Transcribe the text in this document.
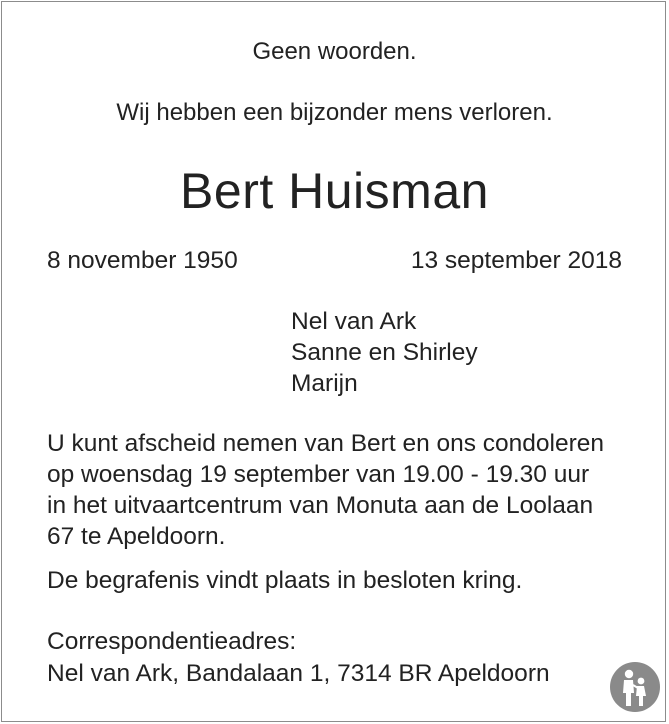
Geen woorden.
Wij hebben een bijzonder mens verloren.
Bert Huisman
8 november 1950	13 september 2018
Nel van Ark
Sanne en Shirley
Marijn
U kunt afscheid nemen van Bert en ons condoleren
op woensdag 19 september van 19.00 - 19.30 uur
in het uitvaartcentrum van Monuta aan de Loolaan
67 te Apeldoorn.
De begrafenis vindt plaats in besloten kring.
Correspondentieadres:
Nel van Ark, Bandalaan 1, 7314 BR Apeldoorn
